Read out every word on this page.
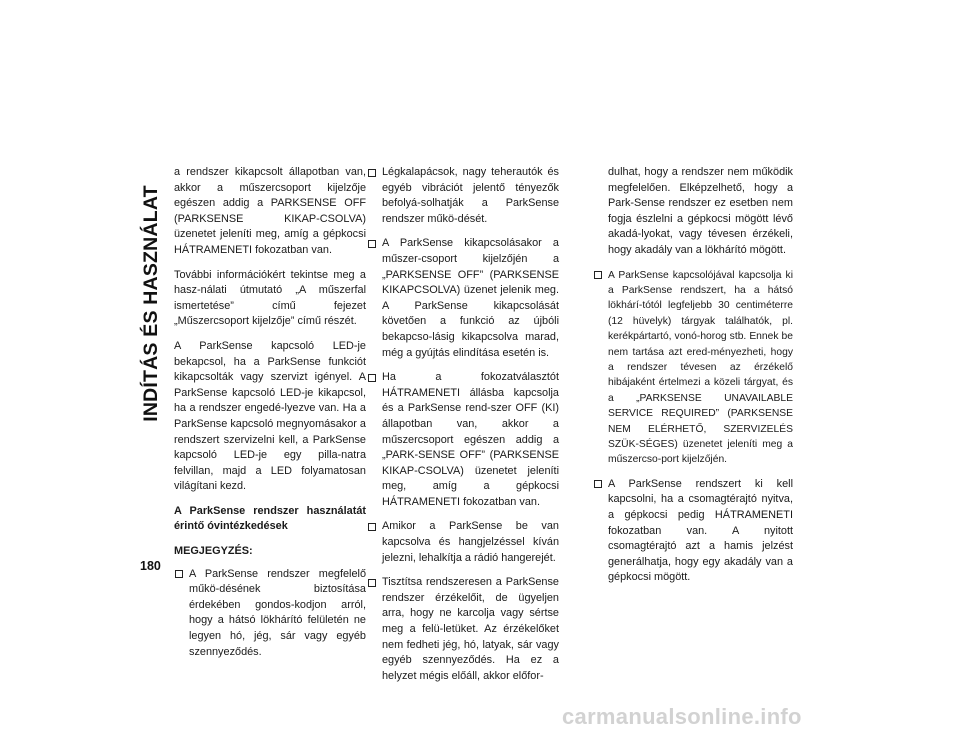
INDÍTÁS ÉS HASZNÁLAT
180

a rendszer kikapcsolt állapotban van, akkor a műszercsoport kijelzője egészen addig a PARKSENSE OFF (PARKSENSE KIKAP-CSOLVA) üzenetet jeleníti meg, amíg a gépkocsi HÁTRAMENETI fokozatban van.

További információkért tekintse meg a hasz-nálati útmutató „A műszerfal ismertetése” című fejezet „Műszercsoport kijelzője” című részét.

A ParkSense kapcsoló LED-je bekapcsol, ha a ParkSense funkciót kikapcsolták vagy szervizt igényel. A ParkSense kapcsoló LED-je kikapcsol, ha a rendszer engedé-lyezve van. Ha a ParkSense kapcsoló megnyomásakor a rendszert szervizelni kell, a ParkSense kapcsoló LED-je egy pilla-natra felvillan, majd a LED folyamatosan világítani kezd.

A ParkSense rendszer használatát érintő óvintézkedések
MEGJEGYZÉS:
A ParkSense rendszer megfelelő műkö-désének biztosítása érdekében gondos-kodjon arról, hogy a hátsó lökhárító felületén ne legyen hó, jég, sár vagy egyéb szennyeződés.
Légkalapácsok, nagy teherautók és egyéb vibrációt jelentő tényezők befolyá-solhatják a ParkSense rendszer műkö-dését.
A ParkSense kikapcsolásakor a műszer-csoport kijelzőjén a „PARKSENSE OFF” (PARKSENSE KIKAPCSOLVA) üzenet jelenik meg. A ParkSense kikapcsolását követően a funkció az újbóli bekapcso-lásig kikapcsolva marad, még a gyújtás elindítása esetén is.
Ha a fokozatválasztót HÁTRAMENETI állásba kapcsolja és a ParkSense rend-szer OFF (KI) állapotban van, akkor a műszercsoport egészen addig a „PARK-SENSE OFF” (PARKSENSE KIKAP-CSOLVA) üzenetet jeleníti meg, amíg a gépkocsi HÁTRAMENETI fokozatban van.
Amikor a ParkSense be van kapcsolva és hangjelzéssel kíván jelezni, lehalkítja a rádió hangerejét.
Tisztítsa rendszeresen a ParkSense rendszer érzékelőit, de ügyeljen arra, hogy ne karcolja vagy sértse meg a felü-letüket. Az érzékelőket nem fedheti jég, hó, latyak, sár vagy egyéb szennyeződés. Ha ez a helyzet mégis előáll, akkor előfor-

dulhat, hogy a rendszer nem működik megfelelően. Elképzelhető, hogy a Park-Sense rendszer ez esetben nem fogja észlelni a gépkocsi mögött lévő akadá-lyokat, vagy tévesen érzékeli, hogy akadály van a lökhárító mögött.

A ParkSense kapcsolójával kapcsolja ki a ParkSense rendszert, ha a hátsó lökhárí-tótól legfeljebb 30 centiméterre (12 hüvelyk) tárgyak találhatók, pl. kerékpártartó, vonó-horog stb. Ennek be nem tartása azt ered-ményezheti, hogy a rendszer tévesen az érzékelő hibájaként értelmezi a közeli tárgyat, és a „PARKSENSE UNAVAILABLE SERVICE REQUIRED” (PARKSENSE NEM ELÉRHETŐ, SZERVIZELÉS SZÜK-SÉGES) üzenetet jeleníti meg a műszercso-port kijelzőjén.
A ParkSense rendszert ki kell kapcsolni, ha a csomagtérajtó nyitva, a gépkocsi pedig HÁTRAMENETI fokozatban van. A nyitott csomagtérajtó azt a hamis jelzést generálhatja, hogy egy akadály van a gépkocsi mögött.
carmanualsonline.info
